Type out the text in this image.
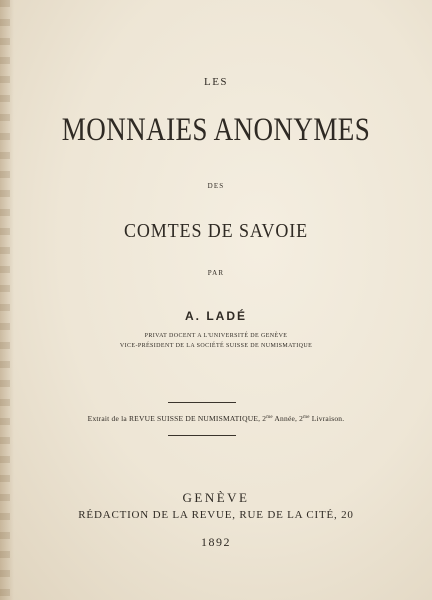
LES
MONNAIES ANONYMES
DES
COMTES DE SAVOIE
PAR
A. LADÉ
PRIVAT DOCENT A L'UNIVERSITÉ DE GENÈVE
VICE-PRÉSIDENT DE LA SOCIÉTÉ SUISSE DE NUMISMATIQUE
Extrait de la REVUE SUISSE DE NUMISMATIQUE, $2^{me}$ Année, $2^{me}$ Livraison.
GENÈVE
RÉDACTION DE LA REVUE, RUE DE LA CITÉ, 20
1892
